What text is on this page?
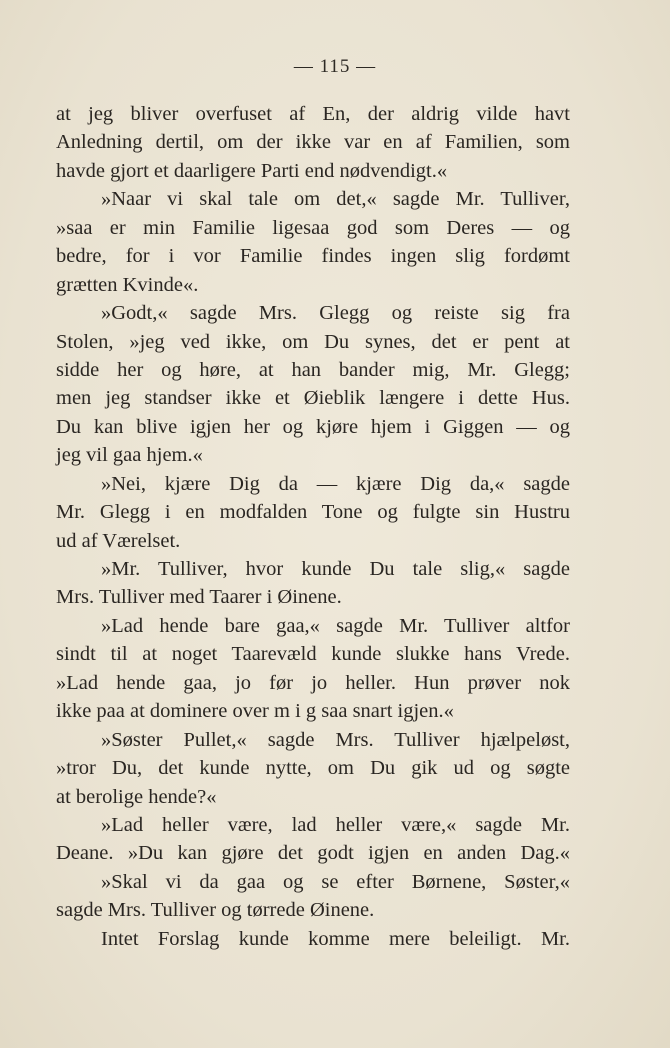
— 115 —
at jeg bliver overfuset af En, der aldrig vilde havt
Anledning dertil, om der ikke var en af Familien, som
havde gjort et daarligere Parti end nødvendigt.«
»Naar vi skal tale om det,« sagde Mr. Tulliver,
»saa er min Familie ligesaa god som Deres — og
bedre, for i vor Familie findes ingen slig fordømt
grætten Kvinde«.
»Godt,« sagde Mrs. Glegg og reiste sig fra
Stolen, »jeg ved ikke, om Du synes, det er pent at
sidde her og høre, at han bander mig, Mr. Glegg;
men jeg standser ikke et Øieblik længere i dette Hus.
Du kan blive igjen her og kjøre hjem i Giggen — og
jeg vil gaa hjem.«
»Nei, kjære Dig da — kjære Dig da,« sagde
Mr. Glegg i en modfalden Tone og fulgte sin Hustru
ud af Værelset.
»Mr. Tulliver, hvor kunde Du tale slig,« sagde
Mrs. Tulliver med Taarer i Øinene.
»Lad hende bare gaa,« sagde Mr. Tulliver altfor
sindt til at noget Taarevæld kunde slukke hans Vrede.
»Lad hende gaa, jo før jo heller. Hun prøver nok
ikke paa at dominere over m i g saa snart igjen.«
»Søster Pullet,« sagde Mrs. Tulliver hjælpeløst,
»tror Du, det kunde nytte, om Du gik ud og søgte
at berolige hende?«
»Lad heller være, lad heller være,« sagde Mr.
Deane. »Du kan gjøre det godt igjen en anden Dag.«
»Skal vi da gaa og se efter Børnene, Søster,«
sagde Mrs. Tulliver og tørrede Øinene.
Intet Forslag kunde komme mere beleiligt. Mr.
